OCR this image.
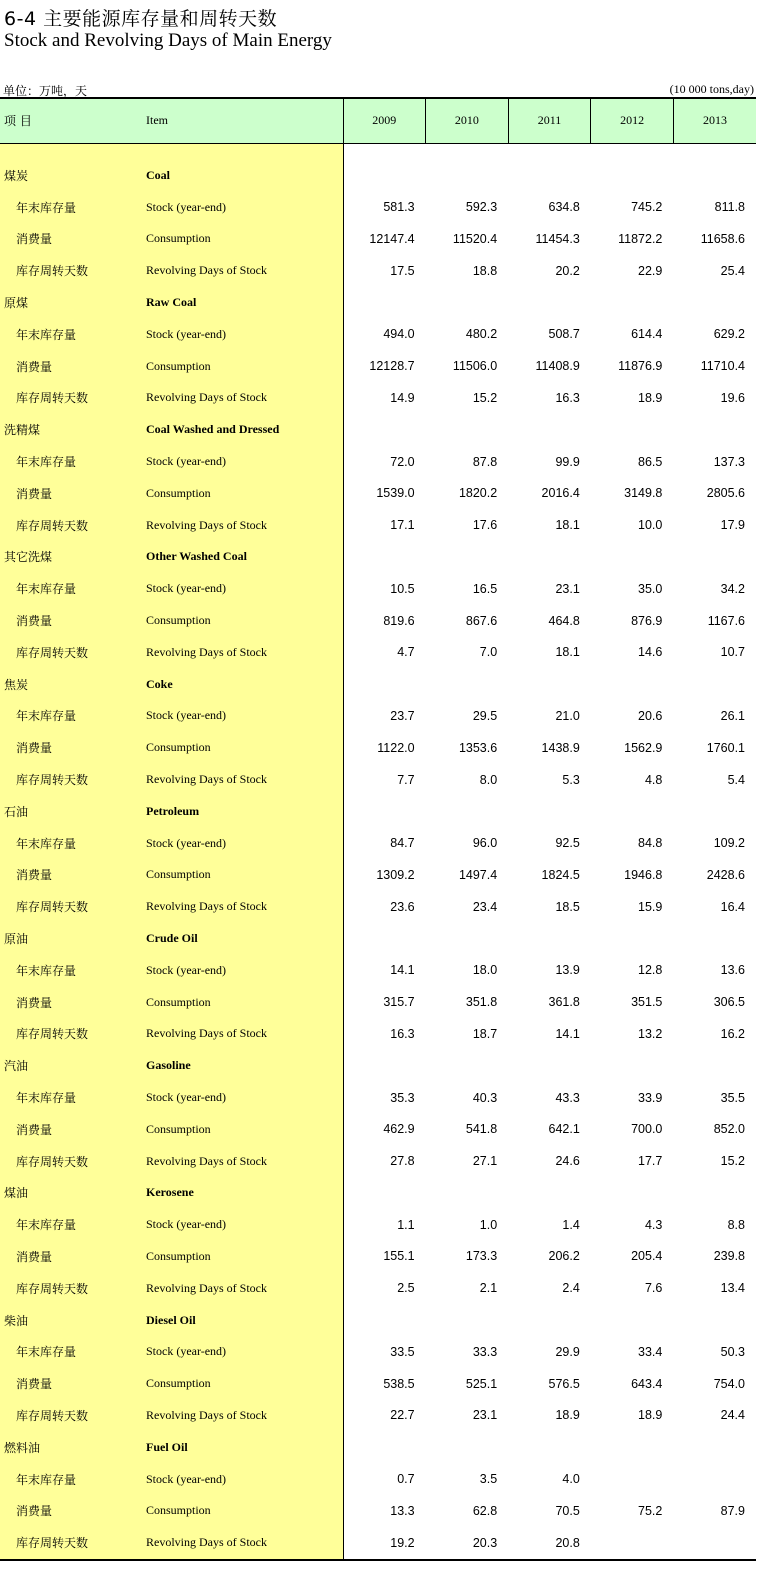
6-4 主要能源库存量和周转天数
Stock and Revolving Days of Main Energy
单位：万吨，天	(10 000 tons,day)
项 目	Item	2009	2010	2011	2012	2013

煤炭	Coal					
年末库存量	Stock (year-end)	581.3	592.3	634.8	745.2	811.8
消费量	Consumption	12147.4	11520.4	11454.3	11872.2	11658.6
库存周转天数	Revolving Days of Stock	17.5	18.8	20.2	22.9	25.4
原煤	Raw Coal					
年末库存量	Stock (year-end)	494.0	480.2	508.7	614.4	629.2
消费量	Consumption	12128.7	11506.0	11408.9	11876.9	11710.4
库存周转天数	Revolving Days of Stock	14.9	15.2	16.3	18.9	19.6
洗精煤	Coal Washed and Dressed					
年末库存量	Stock (year-end)	72.0	87.8	99.9	86.5	137.3
消费量	Consumption	1539.0	1820.2	2016.4	3149.8	2805.6
库存周转天数	Revolving Days of Stock	17.1	17.6	18.1	10.0	17.9
其它洗煤	Other Washed Coal					
年末库存量	Stock (year-end)	10.5	16.5	23.1	35.0	34.2
消费量	Consumption	819.6	867.6	464.8	876.9	1167.6
库存周转天数	Revolving Days of Stock	4.7	7.0	18.1	14.6	10.7
焦炭	Coke					
年末库存量	Stock (year-end)	23.7	29.5	21.0	20.6	26.1
消费量	Consumption	1122.0	1353.6	1438.9	1562.9	1760.1
库存周转天数	Revolving Days of Stock	7.7	8.0	5.3	4.8	5.4
石油	Petroleum					
年末库存量	Stock (year-end)	84.7	96.0	92.5	84.8	109.2
消费量	Consumption	1309.2	1497.4	1824.5	1946.8	2428.6
库存周转天数	Revolving Days of Stock	23.6	23.4	18.5	15.9	16.4
原油	Crude Oil					
年末库存量	Stock (year-end)	14.1	18.0	13.9	12.8	13.6
消费量	Consumption	315.7	351.8	361.8	351.5	306.5
库存周转天数	Revolving Days of Stock	16.3	18.7	14.1	13.2	16.2
汽油	Gasoline					
年末库存量	Stock (year-end)	35.3	40.3	43.3	33.9	35.5
消费量	Consumption	462.9	541.8	642.1	700.0	852.0
库存周转天数	Revolving Days of Stock	27.8	27.1	24.6	17.7	15.2
煤油	Kerosene					
年末库存量	Stock (year-end)	1.1	1.0	1.4	4.3	8.8
消费量	Consumption	155.1	173.3	206.2	205.4	239.8
库存周转天数	Revolving Days of Stock	2.5	2.1	2.4	7.6	13.4
柴油	Diesel Oil					
年末库存量	Stock (year-end)	33.5	33.3	29.9	33.4	50.3
消费量	Consumption	538.5	525.1	576.5	643.4	754.0
库存周转天数	Revolving Days of Stock	22.7	23.1	18.9	18.9	24.4
燃料油	Fuel Oil					
年末库存量	Stock (year-end)	0.7	3.5	4.0		
消费量	Consumption	13.3	62.8	70.5	75.2	87.9
库存周转天数	Revolving Days of Stock	19.2	20.3	20.8		
